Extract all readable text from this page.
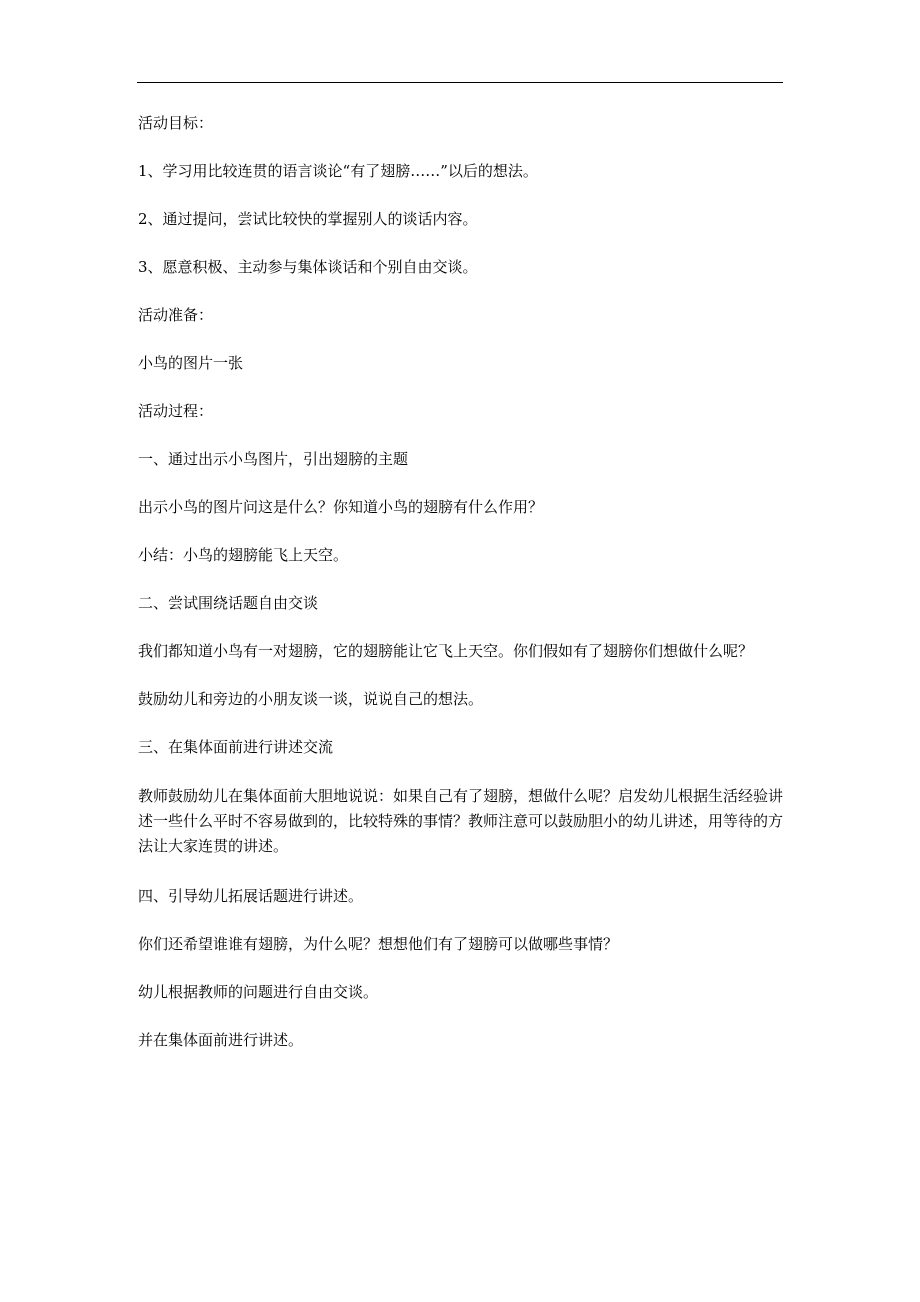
活动目标：

1、学习用比较连贯的语言谈论“有了翅膀……”以后的想法。

2、通过提问，尝试比较快的掌握别人的谈话内容。

3、愿意积极、主动参与集体谈话和个别自由交谈。

活动准备：

小鸟的图片一张

活动过程：

一、通过出示小鸟图片，引出翅膀的主题

出示小鸟的图片问这是什么？你知道小鸟的翅膀有什么作用？

小结：小鸟的翅膀能飞上天空。

二、尝试围绕话题自由交谈

我们都知道小鸟有一对翅膀，它的翅膀能让它飞上天空。你们假如有了翅膀你们想做什么呢？

鼓励幼儿和旁边的小朋友谈一谈，说说自己的想法。

三、在集体面前进行讲述交流

教师鼓励幼儿在集体面前大胆地说说：如果自己有了翅膀，想做什么呢？启发幼儿根据生活经验讲述一些什么平时不容易做到的，比较特殊的事情？教师注意可以鼓励胆小的幼儿讲述，用等待的方法让大家连贯的讲述。

四、引导幼儿拓展话题进行讲述。

你们还希望谁谁有翅膀，为什么呢？想想他们有了翅膀可以做哪些事情？

幼儿根据教师的问题进行自由交谈。

并在集体面前进行讲述。
